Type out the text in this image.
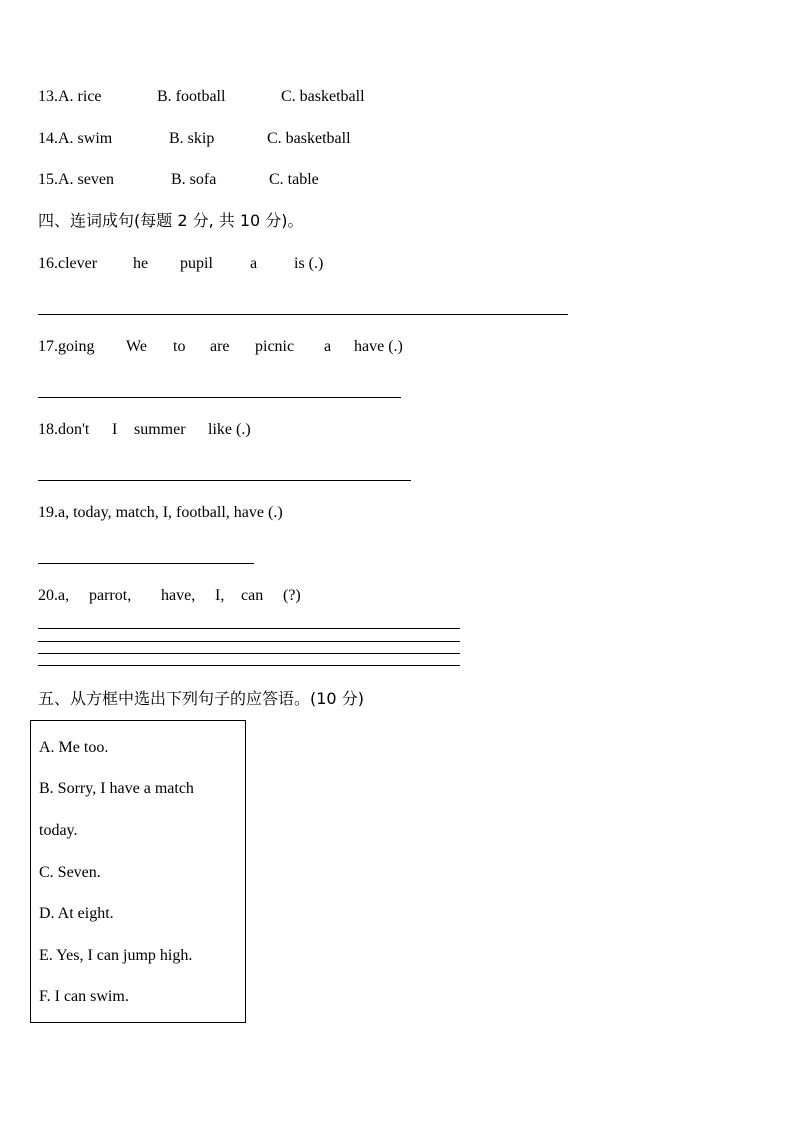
13.A. rice	B. football	C. basketball
14.A. swim	B. skip	C. basketball
15.A. seven	B. sofa	C. table
四、连词成句(每题 2 分, 共 10 分)。
16.clever he pupil a is (.)
17.going We to are picnic a have (.)
18.don't I summer like (.)
19.a, today, match, I, football, have (.)
20.a, parrot, have, I, can (?)
五、从方框中选出下列句子的应答语。(10 分)
A. Me too.
B. Sorry, I have a match
today.
C. Seven.
D. At eight.
E. Yes, I can jump high.
F. I can swim.
